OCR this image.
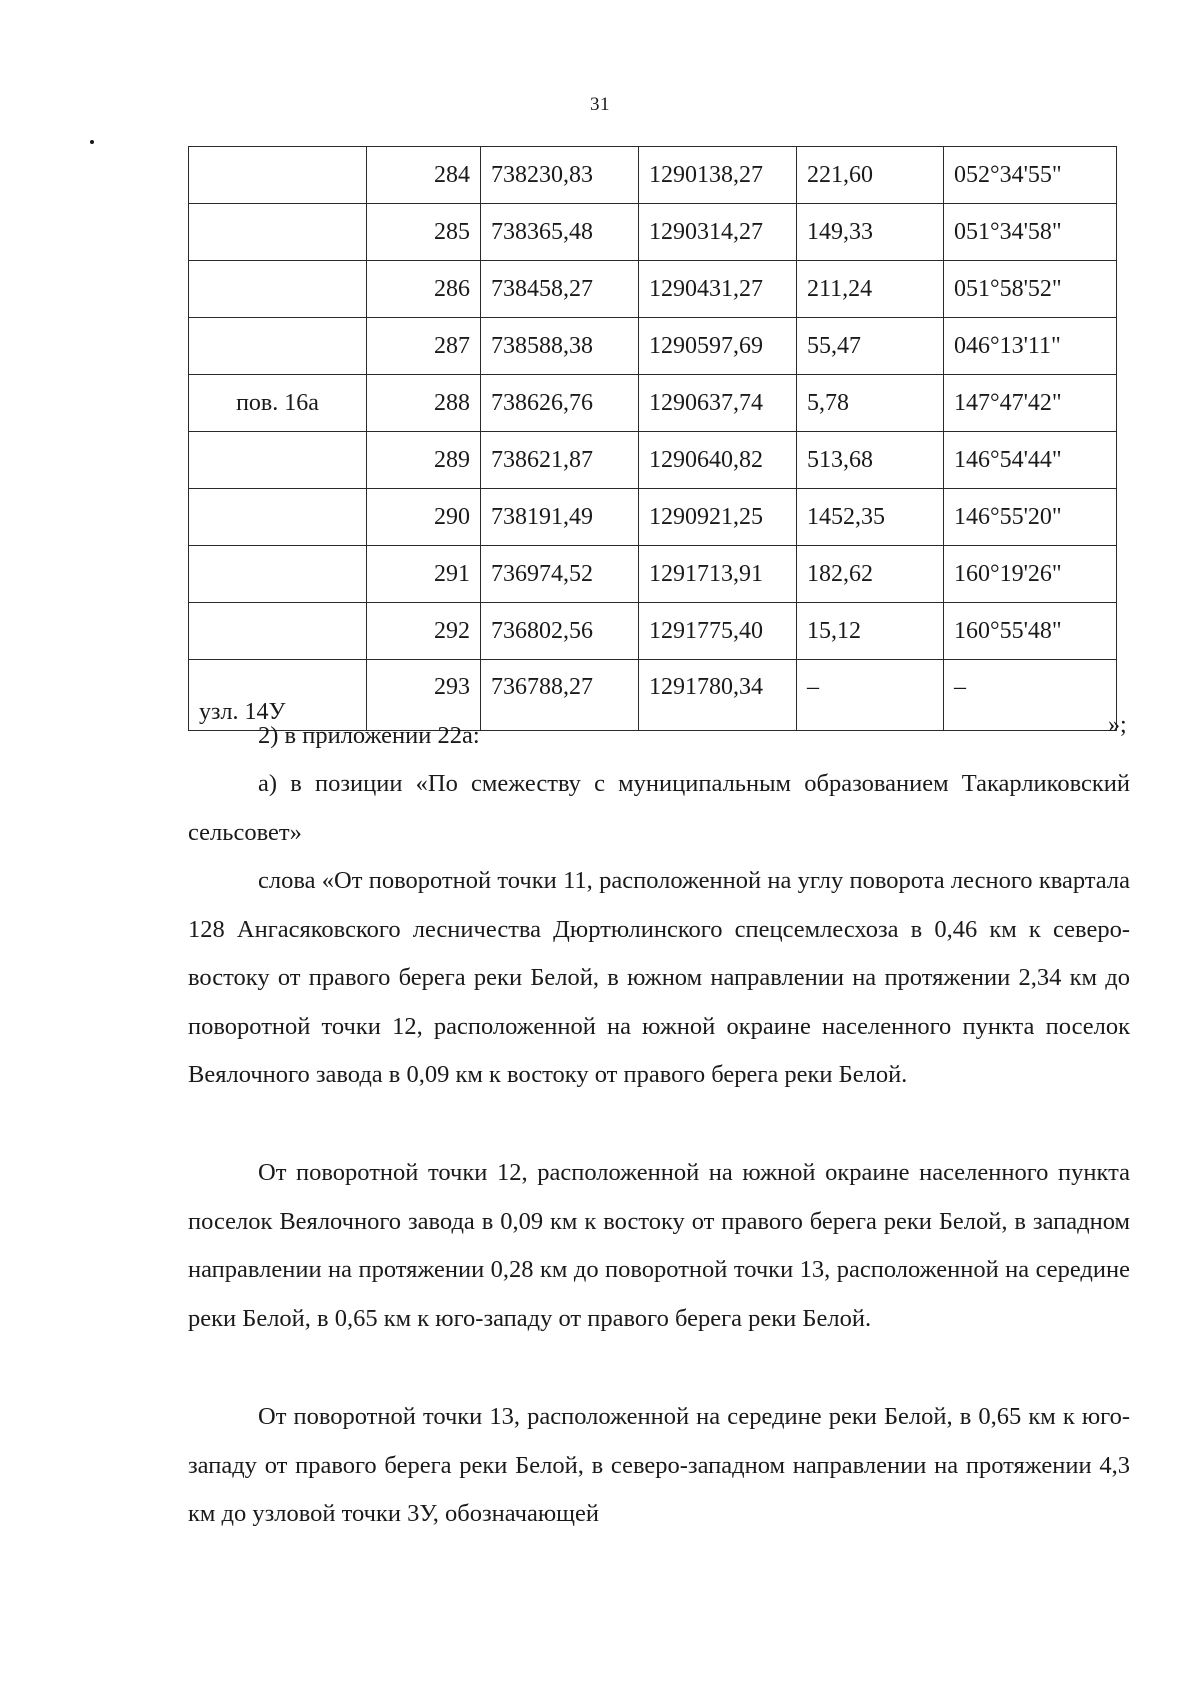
31
	284	738230,83	1290138,27	221,60	052°34'55"
	285	738365,48	1290314,27	149,33	051°34'58"
	286	738458,27	1290431,27	211,24	051°58'52"
	287	738588,38	1290597,69	55,47	046°13'11"
пов. 16а	288	738626,76	1290637,74	5,78	147°47'42"
	289	738621,87	1290640,82	513,68	146°54'44"
	290	738191,49	1290921,25	1452,35	146°55'20"
	291	736974,52	1291713,91	182,62	160°19'26"
	292	736802,56	1291775,40	15,12	160°55'48"
узл. 14У	293	736788,27	1291780,34	–	–
»;

2) в приложении 22а:

а) в позиции «По смежеству с муниципальным образованием Такарликовский сельсовет»

слова «От поворотной точки 11, расположенной на углу поворота лесного квартала 128 Ангасяковского лесничества Дюртюлинского спецсемлесхоза в 0,46 км к северо-востоку от правого берега реки Белой, в южном направлении на протяжении 2,34 км до поворотной точки 12, расположенной на южной окраине населенного пункта поселок Веялочного завода в 0,09 км к востоку от правого берега реки Белой.

От поворотной точки 12, расположенной на южной окраине населенного пункта поселок Веялочного завода в 0,09 км к востоку от правого берега реки Белой, в западном направлении на протяжении 0,28 км до поворотной точки 13, расположенной на середине реки Белой, в 0,65 км к юго-западу от правого берега реки Белой.

От поворотной точки 13, расположенной на середине реки Белой, в 0,65 км к юго-западу от правого берега реки Белой, в северо-западном направлении на протяжении 4,3 км до узловой точки 3У, обозначающей
